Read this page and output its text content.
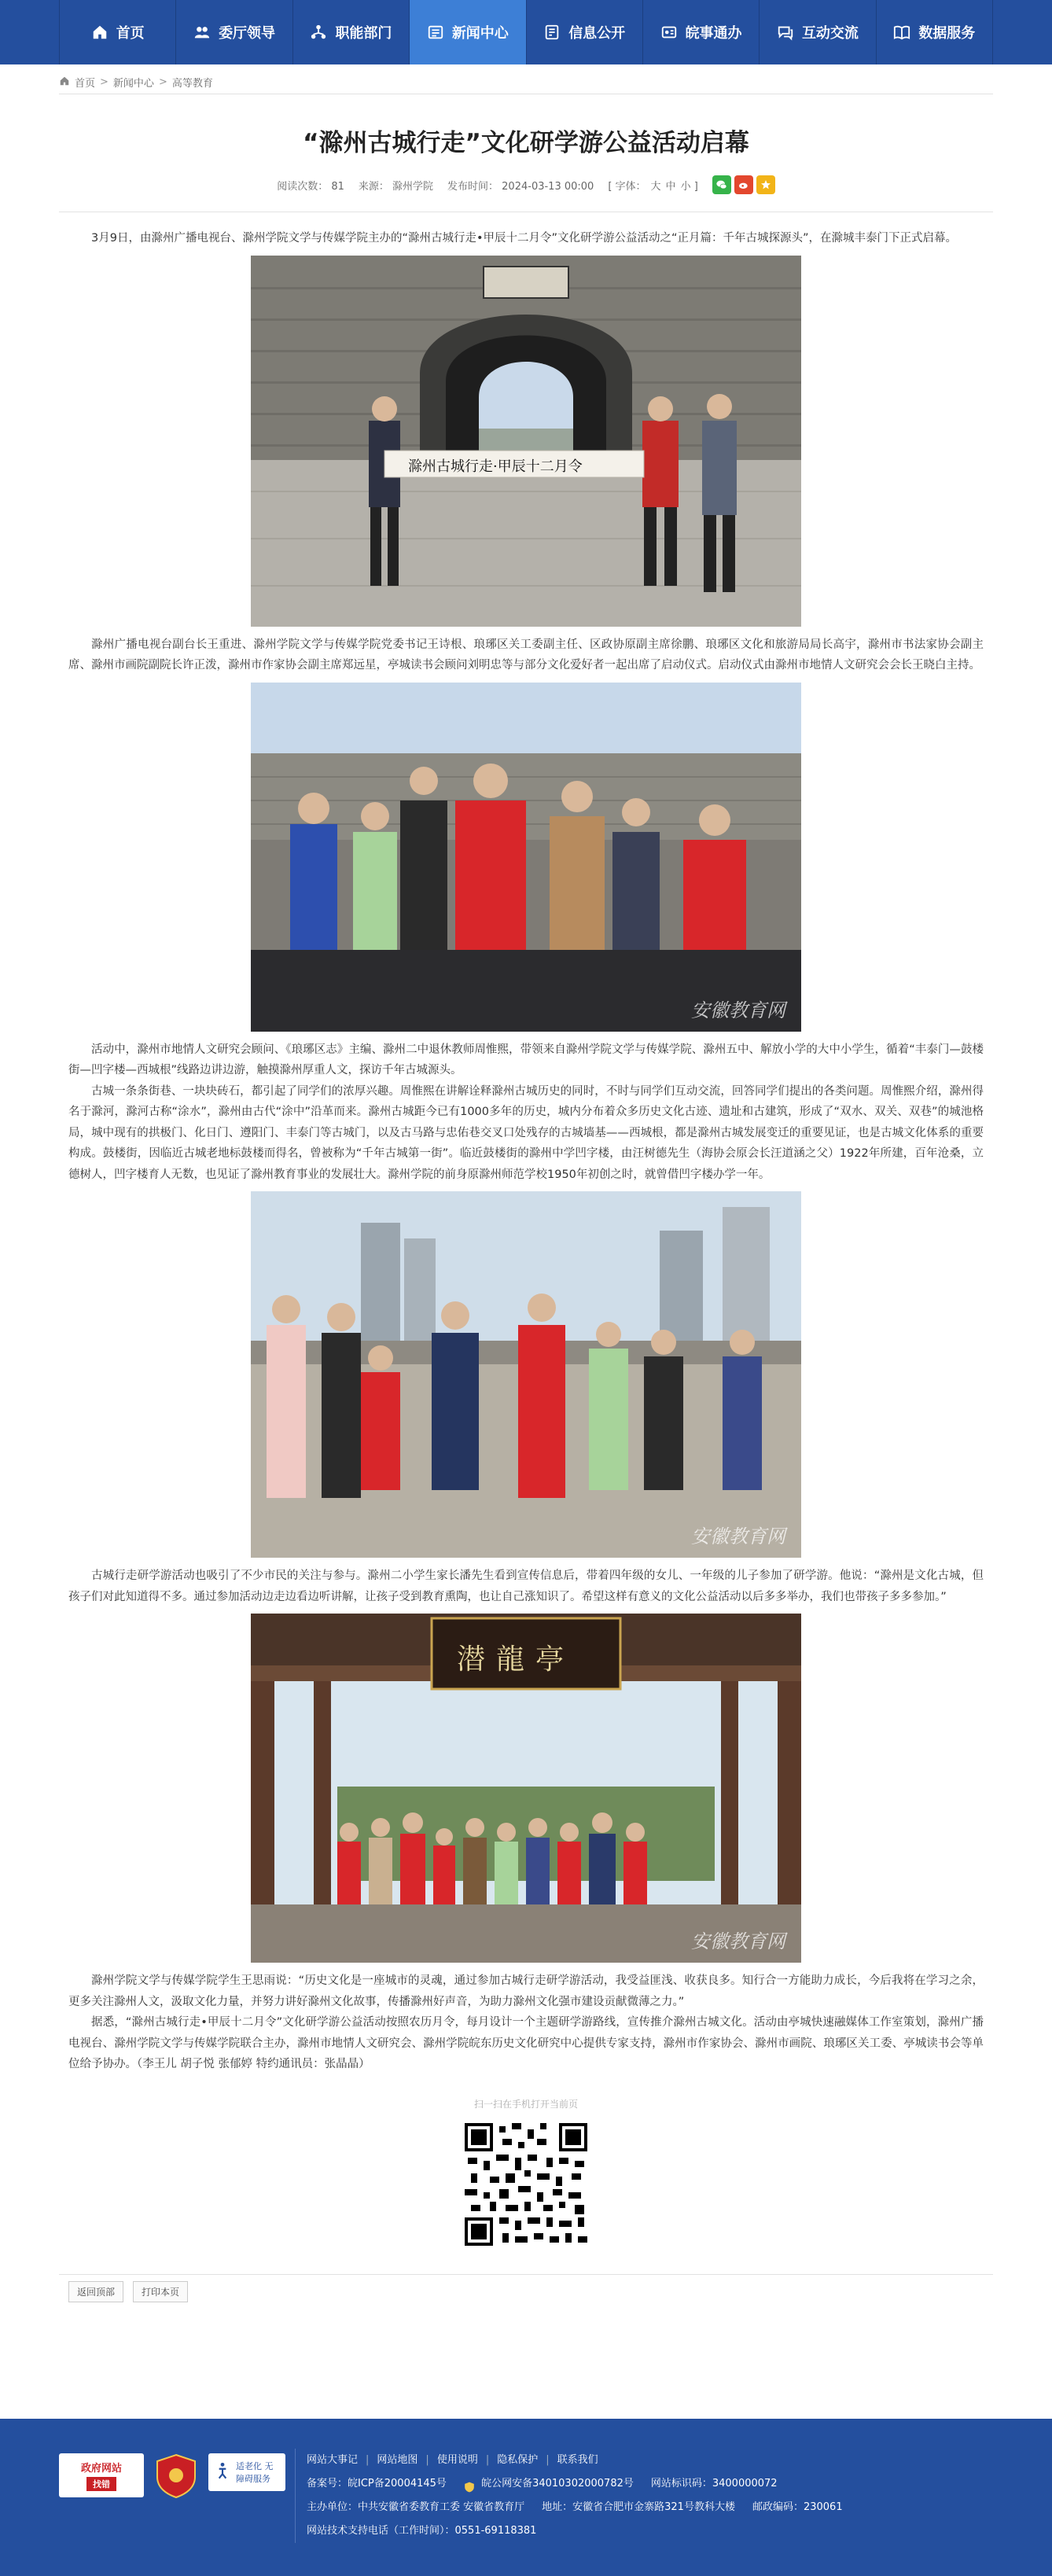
首页	委厅领导	职能部门	新闻中心	信息公开	皖事通办	互动交流	数据服务
首页 > 新闻中心 > 高等教育
“滁州古城行走”文化研学游公益活动启幕
阅读次数： 81 来源： 滁州学院 发布时间： 2024-03-13 00:00 [ 字体： 大 中 小 ]

3月9日，由滁州广播电视台、滁州学院文学与传媒学院主办的“滁州古城行走•甲辰十二月令”文化研学游公益活动之“正月篇：千年古城探源头”，在滁城丰泰门下正式启幕。

滁州古城行走·甲辰十二月令

滁州广播电视台副台长王重进、滁州学院文学与传媒学院党委书记王诗根、琅琊区关工委副主任、区政协原副主席徐鹏、琅琊区文化和旅游局局长高宇，滁州市书法家协会副主席、滁州市画院副院长许正泼，滁州市作家协会副主席郑远星，亭城读书会顾问刘明忠等与部分文化爱好者一起出席了启动仪式。启动仪式由滁州市地情人文研究会会长王晓白主持。

安徽教育网

活动中，滁州市地情人文研究会顾问、《琅琊区志》主编、滁州二中退休教师周惟熙，带领来自滁州学院文学与传媒学院、滁州五中、解放小学的大中小学生，循着“丰泰门—鼓楼街—凹字楼—西城根”线路边讲边游，触摸滁州厚重人文，探访千年古城源头。

古城一条条街巷、一块块砖石，都引起了同学们的浓厚兴趣。周惟熙在讲解诠释滁州古城历史的同时，不时与同学们互动交流，回答同学们提出的各类问题。周惟熙介绍，滁州得名于滁河，滁河古称“涂水”，滁州由古代“涂中”沿革而来。滁州古城距今已有1000多年的历史，城内分布着众多历史文化古迹、遗址和古建筑，形成了“双水、双关、双巷”的城池格局，城中现有的拱极门、化日门、遵阳门、丰泰门等古城门，以及古马路与忠佑巷交叉口处残存的古城墙基——西城根，都是滁州古城发展变迁的重要见证，也是古城文化体系的重要构成。鼓楼街，因临近古城老地标鼓楼而得名，曾被称为“千年古城第一街”。临近鼓楼街的滁州中学凹字楼，由汪树德先生（海协会原会长汪道涵之父）1922年所建，百年沧桑，立德树人，凹字楼育人无数，也见证了滁州教育事业的发展壮大。滁州学院的前身原滁州师范学校1950年初创之时，就曾借凹字楼办学一年。

安徽教育网

古城行走研学游活动也吸引了不少市民的关注与参与。滁州二小学生家长潘先生看到宣传信息后，带着四年级的女儿、一年级的儿子参加了研学游。他说：“滁州是文化古城，但孩子们对此知道得不多。通过参加活动边走边看边听讲解，让孩子受到教育熏陶，也让自己涨知识了。希望这样有意义的文化公益活动以后多多举办，我们也带孩子多多参加。”

潜龍亭
安徽教育网

滁州学院文学与传媒学院学生王思雨说：“历史文化是一座城市的灵魂，通过参加古城行走研学游活动，我受益匪浅、收获良多。知行合一方能助力成长，今后我将在学习之余，更多关注滁州人文，汲取文化力量，并努力讲好滁州文化故事，传播滁州好声音，为助力滁州文化强市建设贡献微薄之力。”

据悉，“滁州古城行走•甲辰十二月令”文化研学游公益活动按照农历月令，每月设计一个主题研学游路线，宣传推介滁州古城文化。活动由亭城快速融媒体工作室策划，滁州广播电视台、滁州学院文学与传媒学院联合主办，滁州市地情人文研究会、滁州学院皖东历史文化研究中心提供专家支持，滁州市作家协会、滁州市画院、琅琊区关工委、亭城读书会等单位给予协办。（李王儿 胡子悦 张郁婷 特约通讯员：张晶晶）

扫一扫在手机打开当前页
返回顶部	打印本页
政府网站
找错
适老化 无障碍服务
网站大事记 | 网站地图 | 使用说明 | 隐私保护 | 联系我们
备案号：皖ICP备20004145号	皖公网安备34010302000782号 网站标识码：3400000072
主办单位：中共安徽省委教育工委 安徽省教育厅 地址：安徽省合肥市金寨路321号教科大楼 邮政编码：230061
网站技术支持电话（工作时间）：0551-69118381
